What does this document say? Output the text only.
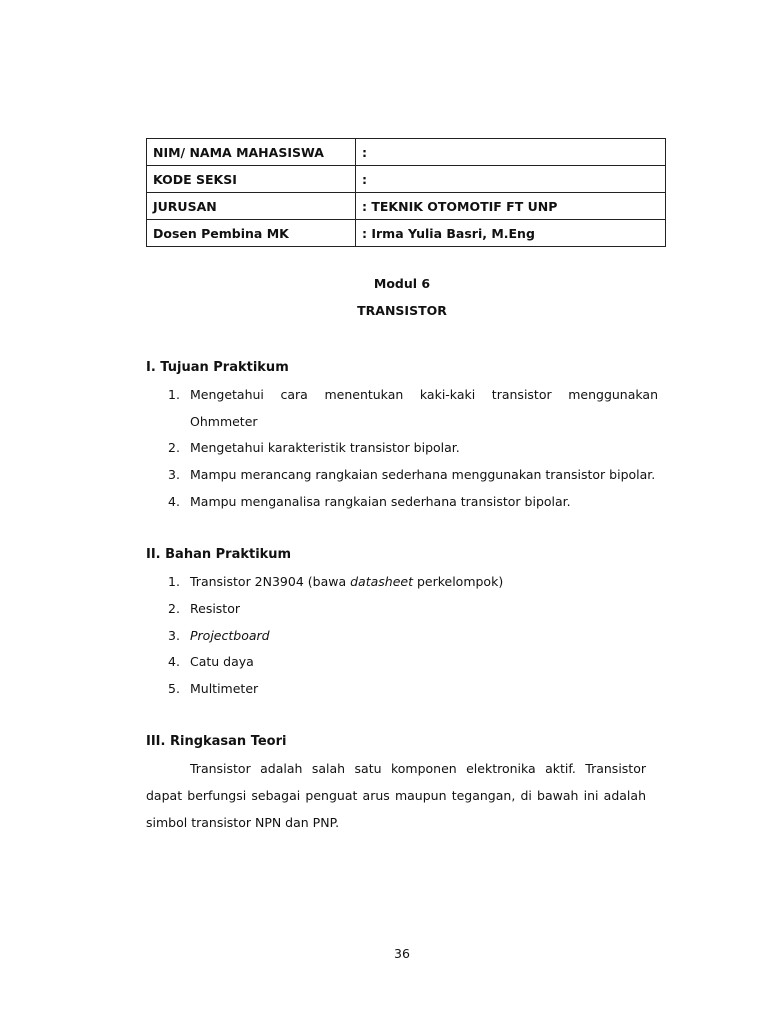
NIM/ NAMA MAHASISWA	:
KODE SEKSI	:
JURUSAN	: TEKNIK OTOMOTIF FT UNP
Dosen Pembina MK	: Irma Yulia Basri, M.Eng
Modul 6
TRANSISTOR
I. Tujuan Praktikum
1. Mengetahui cara menentukan kaki-kaki transistor menggunakan
Ohmmeter
2. Mengetahui karakteristik transistor bipolar.
3. Mampu merancang rangkaian sederhana menggunakan transistor bipolar.
4. Mampu menganalisa rangkaian sederhana transistor bipolar.
II. Bahan Praktikum
1. Transistor 2N3904 (bawa datasheet perkelompok)
2. Resistor
3. Projectboard
4. Catu daya
5. Multimeter
III. Ringkasan Teori
Transistor adalah salah satu komponen elektronika aktif. Transistor
dapat berfungsi sebagai penguat arus maupun tegangan, di bawah ini adalah
simbol transistor NPN dan PNP.
36
